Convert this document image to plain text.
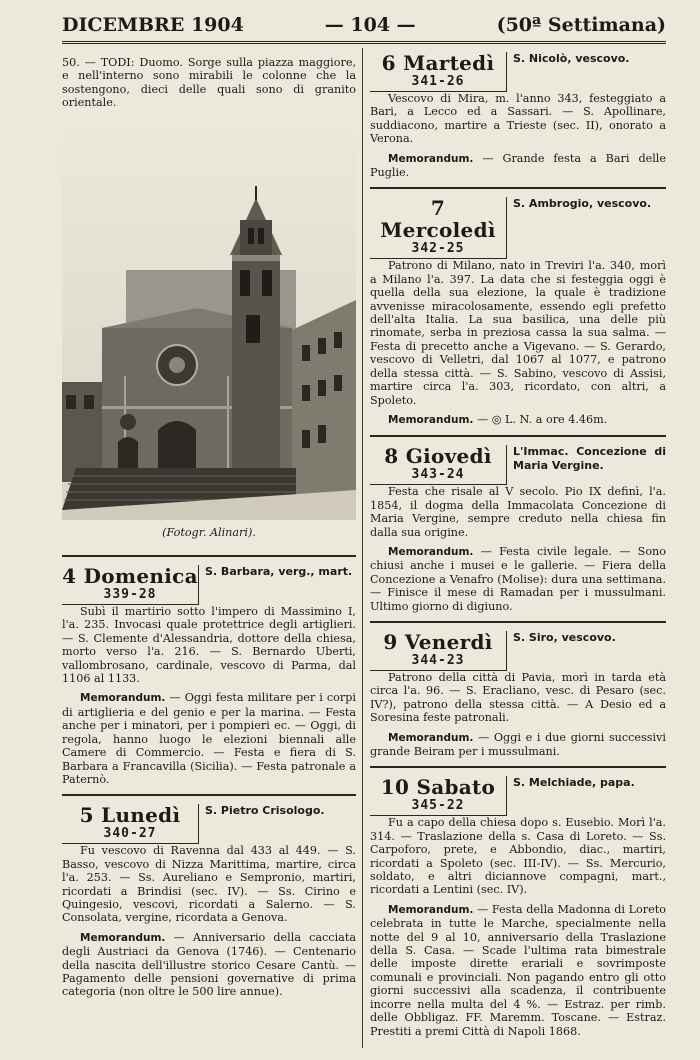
DICEMBRE 1904	— 104 —	(50ª Settimana)

50. — TODI: Duomo. Sorge sulla piazza maggiore, e nell'interno sono mirabili le colonne che la sostengono, dieci delle quali sono di granito orientale.

(Fotogr. Alinari).

4 Domenica
339-28
S. Barbara, verg., mart.

Subì il martirio sotto l'impero di Massimino I, l'a. 235. Invocasi quale protettrice degli artiglieri. — S. Clemente d'Alessandria, dottore della chiesa, morto verso l'a. 216. — S. Bernardo Uberti, vallombrosano, cardinale, vescovo di Parma, dal 1106 al 1133.

Memorandum. — Oggi festa militare per i corpi di artiglieria e del genio e per la marina. — Festa anche per i minatori, per i pompieri ec. — Oggi, di regola, hanno luogo le elezioni biennali alle Camere di Commercio. — Festa e fiera di S. Barbara a Francavilla (Sicilia). — Festa patronale a Paternò.

5 Lunedì
340-27
S. Pietro Crisologo.

Fu vescovo di Ravenna dal 433 al 449. — S. Basso, vescovo di Nizza Marittima, martire, circa l'a. 253. — Ss. Aureliano e Sempronio, martiri, ricordati a Brindisi (sec. IV). — Ss. Cirino e Quingesio, vescovi, ricordati a Salerno. — S. Consolata, vergine, ricordata a Genova.

Memorandum. — Anniversario della cacciata degli Austriaci da Genova (1746). — Centenario della nascita dell'illustre storico Cesare Cantù. — Pagamento delle pensioni governative di prima categoria (non oltre le 500 lire annue).

6 Martedì
341-26
S. Nicolò, vescovo.

Vescovo di Mira, m. l'anno 343, festeggiato a Bari, a Lecco ed a Sassari. — S. Apollinare, suddiacono, martire a Trieste (sec. II), onorato a Verona.

Memorandum. — Grande festa a Bari delle Puglie.

7 Mercoledì
342-25
S. Ambrogio, vescovo.

Patrono di Milano, nato in Treviri l'a. 340, morì a Milano l'a. 397. La data che si festeggia oggi è quella della sua elezione, la quale è tradizione avvenisse miracolosamente, essendo egli prefetto dell'alta Italia. La sua basilica, una delle più rinomate, serba in preziosa cassa la sua salma. — Festa di precetto anche a Vigevano. — S. Gerardo, vescovo di Velletri, dal 1067 al 1077, e patrono della stessa città. — S. Sabino, vescovo di Assisi, martire circa l'a. 303, ricordato, con altri, a Spoleto.

Memorandum. — ◎ L. N. a ore 4.46m.

8 Giovedì
343-24
L'Immac. Concezione di Maria Vergine.

Festa che risale al V secolo. Pio IX definì, l'a. 1854, il dogma della Immacolata Concezione di Maria Vergine, sempre creduto nella chiesa fin dalla sua origine.

Memorandum. — Festa civile legale. — Sono chiusi anche i musei e le gallerie. — Fiera della Concezione a Venafro (Molise): dura una settimana. — Finisce il mese di Ramadan per i mussulmani. Ultimo giorno di digiuno.

9 Venerdì
344-23
S. Siro, vescovo.

Patrono della città di Pavia, morì in tarda età circa l'a. 96. — S. Eracliano, vesc. di Pesaro (sec. IV?), patrono della stessa città. — A Desio ed a Soresina feste patronali.

Memorandum. — Oggi e i due giorni successivi grande Beiram per i mussulmani.

10 Sabato
345-22
S. Melchiade, papa.

Fu a capo della chiesa dopo s. Eusebio. Morì l'a. 314. — Traslazione della s. Casa di Loreto. — Ss. Carpoforo, prete, e Abbondio, diac., martiri, ricordati a Spoleto (sec. III-IV). — Ss. Mercurio, soldato, e altri diciannove compagni, mart., ricordati a Lentini (sec. IV).

Memorandum. — Festa della Madonna di Loreto celebrata in tutte le Marche, specialmente nella notte del 9 al 10, anniversario della Traslazione della S. Casa. — Scade l'ultima rata bimestrale delle imposte dirette erariali e sovrimposte comunali e provinciali. Non pagando entro gli otto giorni successivi alla scadenza, il contribuente incorre nella multa del 4 %. — Estraz. per rimb. delle Obbligaz. FF. Maremm. Toscane. — Estraz. Prestiti a premi Città di Napoli 1868.
